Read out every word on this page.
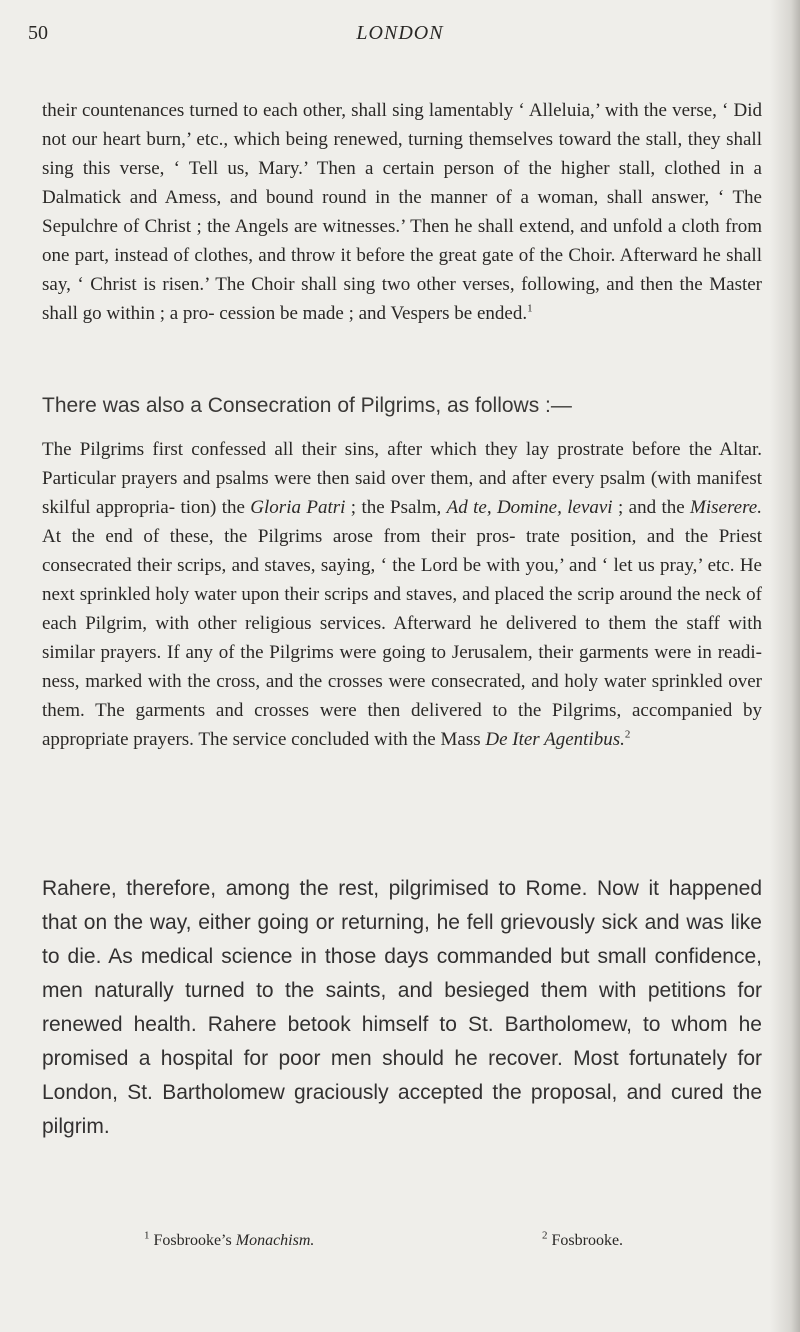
50	LONDON

their countenances turned to each other, shall sing lamentably ‘ Alleluia,’ with the verse, ‘ Did not our heart burn,’ etc., which being renewed, turning themselves toward the stall, they shall sing this verse, ‘ Tell us, Mary.’ Then a certain person of the higher stall, clothed in a Dalmatick and Amess, and bound round in the manner of a woman, shall answer, ‘ The Sepulchre of Christ ; the Angels are witnesses.’ Then he shall extend, and unfold a cloth from one part, instead of clothes, and throw it before the great gate of the Choir. Afterward he shall say, ‘ Christ is risen.’ The Choir shall sing two other verses, following, and then the Master shall go within ; a pro- cession be made ; and Vespers be ended.$^1$

There was also a Consecration of Pilgrims, as follows :—

The Pilgrims first confessed all their sins, after which they lay prostrate before the Altar. Particular prayers and psalms were then said over them, and after every psalm (with manifest skilful appropria- tion) the Gloria Patri ; the Psalm, Ad te, Domine, levavi ; and the Miserere. At the end of these, the Pilgrims arose from their pros- trate position, and the Priest consecrated their scrips, and staves, saying, ‘ the Lord be with you,’ and ‘ let us pray,’ etc. He next sprinkled holy water upon their scrips and staves, and placed the scrip around the neck of each Pilgrim, with other religious services. Afterward he delivered to them the staff with similar prayers. If any of the Pilgrims were going to Jerusalem, their garments were in readi- ness, marked with the cross, and the crosses were consecrated, and holy water sprinkled over them. The garments and crosses were then delivered to the Pilgrims, accompanied by appropriate prayers. The service concluded with the Mass De Iter Agentibus.$^2$

Rahere, therefore, among the rest, pilgrimised to Rome. Now it happened that on the way, either going or returning, he fell grievously sick and was like to die. As medical science in those days commanded but small confidence, men naturally turned to the saints, and besieged them with petitions for renewed health. Rahere betook himself to St. Bartholomew, to whom he promised a hospital for poor men should he recover. Most fortunately for London, St. Bartholomew graciously accepted the proposal, and cured the pilgrim.

$^1$ Fosbrooke’s Monachism.	$^2$ Fosbrooke.
